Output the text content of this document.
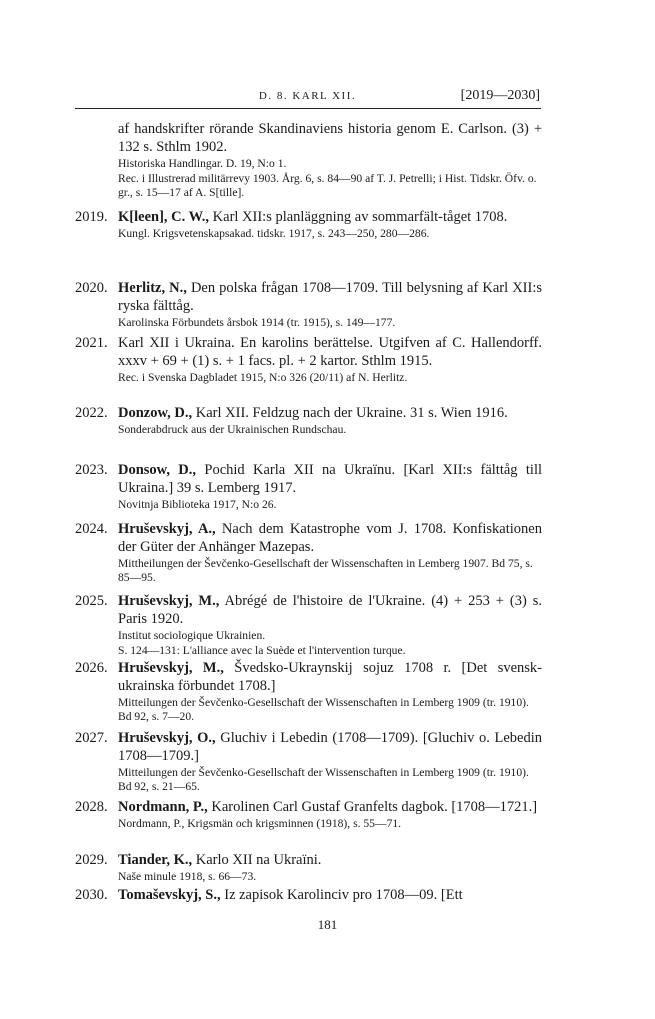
D. 8. KARL XII.	[2019—2030]
af handskrifter rörande Skandinaviens historia genom E. Carlson. (3) + 132 s. Sthlm 1902.
Historiska Handlingar. D. 19, N:o 1.
Rec. i Illustrerad militärrevy 1903. Årg. 6, s. 84—90 af T. J. Petrelli; i Hist. Tidskr. Öfv. o. gr., s. 15—17 af A. S[tille].
2019. K[leen], C. W., Karl XII:s planläggning av sommarfält-tåget 1708.
Kungl. Krigsvetenskapsakad. tidskr. 1917, s. 243—250, 280—286.
2020. Herlitz, N., Den polska frågan 1708—1709. Till belysning af Karl XII:s ryska fälttåg.
Karolinska Förbundets årsbok 1914 (tr. 1915), s. 149—177.
2021. Karl XII i Ukraina. En karolins berättelse. Utgifven af C. Hallendorff. xxxv + 69 + (1) s. + 1 facs. pl. + 2 kartor. Sthlm 1915.
Rec. i Svenska Dagbladet 1915, N:o 326 (20/11) af N. Herlitz.
2022. Donzow, D., Karl XII. Feldzug nach der Ukraine. 31 s. Wien 1916.
Sonderabdruck aus der Ukrainischen Rundschau.
2023. Donsow, D., Pochid Karla XII na Ukraïnu. [Karl XII:s fälttåg till Ukraina.] 39 s. Lemberg 1917.
Novitnja Biblioteka 1917, N:o 26.
2024. Hruševskyj, A., Nach dem Katastrophe vom J. 1708. Konfiskationen der Güter der Anhänger Mazepas.
Mittheilungen der Ševčenko-Gesellschaft der Wissenschaften in Lemberg 1907. Bd 75, s. 85—95.
2025. Hruševskyj, M., Abrégé de l'histoire de l'Ukraine. (4) + 253 + (3) s. Paris 1920.
Institut sociologique Ukrainien.
S. 124—131: L'alliance avec la Suède et l'intervention turque.
2026. Hruševskyj, M., Švedsko-Ukraynskij sojuz 1708 r. [Det svensk-ukrainska förbundet 1708.]
Mitteilungen der Ševčenko-Gesellschaft der Wissenschaften in Lemberg 1909 (tr. 1910). Bd 92, s. 7—20.
2027. Hruševskyj, O., Gluchiv i Lebedin (1708—1709). [Gluchiv o. Lebedin 1708—1709.]
Mitteilungen der Ševčenko-Gesellschaft der Wissenschaften in Lemberg 1909 (tr. 1910). Bd 92, s. 21—65.
2028. Nordmann, P., Karolinen Carl Gustaf Granfelts dagbok. [1708—1721.]
Nordmann, P., Krigsmän och krigsminnen (1918), s. 55—71.
2029. Tiander, K., Karlo XII na Ukraïni.
Naše minule 1918, s. 66—73.
2030. Tomaševskyj, S., Iz zapisok Karolinciv pro 1708—09. [Ett
181
